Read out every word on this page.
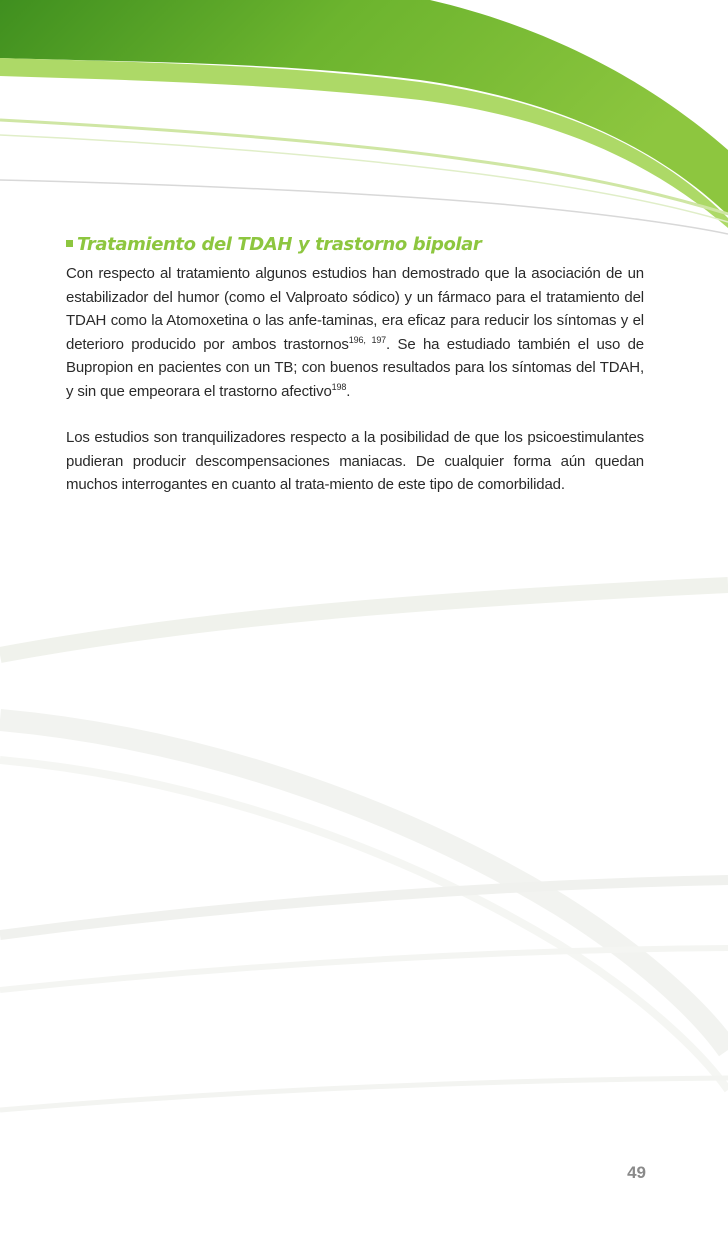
Tratamiento del TDAH y trastorno bipolar

Con respecto al tratamiento algunos estudios han demostrado que la asociación de un estabilizador del humor (como el Valproato sódico) y un fármaco para el tratamiento del TDAH como la Atomoxetina o las anfe-taminas, era eficaz para reducir los síntomas y el deterioro producido por ambos trastornos$^{196, 197}$. Se ha estudiado también el uso de Bupropion en pacientes con un TB; con buenos resultados para los síntomas del TDAH, y sin que empeorara el trastorno afectivo$^{198}$.

Los estudios son tranquilizadores respecto a la posibilidad de que los psicoestimulantes pudieran producir descompensaciones maniacas. De cualquier forma aún quedan muchos interrogantes en cuanto al trata-miento de este tipo de comorbilidad.

49
